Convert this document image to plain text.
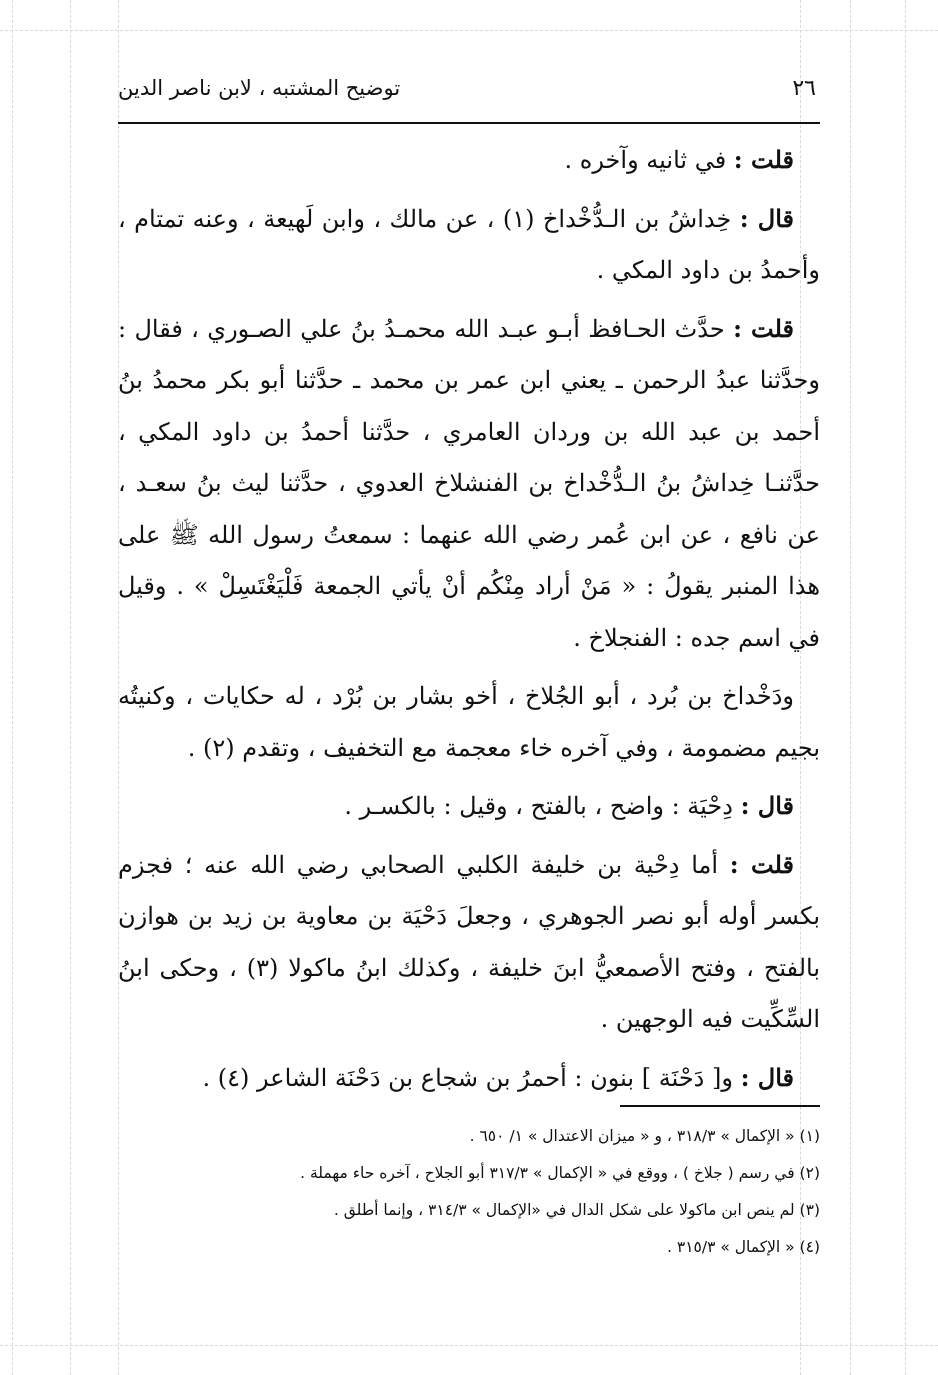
٢٦
توضيح المشتبه ، لابن ناصر الدين

قلت : في ثانيه وآخره .

قال : خِداشُ بن الـدُّخْداخ (١) ، عن مالك ، وابن لَهيعة ، وعنه تمتام ، وأحمدُ بن داود المكي .

قلت : حدَّث الحـافظ أبـو عبـد الله محمـدُ بنُ علي الصـوري ، فقال : وحدَّثنا عبدُ الرحمن ـ يعني ابن عمر بن محمد ـ حدَّثنا أبو بكر محمدُ بنُ أحمد بن عبد الله بن وردان العامري ، حدَّثنا أحمدُ بن داود المكي ، حدَّثنـا خِداشُ بنُ الـدُّخْداخ بن الفنشلاخ العدوي ، حدَّثنا ليث بنُ سعـد ، عن نافع ، عن ابن عُمر رضي الله عنهما : سمعتُ رسول الله ﷺ على هذا المنبر يقولُ : « مَنْ أراد مِنْكُم أنْ يأتي الجمعة فَلْيَغْتَسِلْ » . وقيل في اسم جده : الفنجلاخ .

ودَخْداخ بن بُرد ، أبو الجُلاخ ، أخو بشار بن بُرْد ، له حكايات ، وكنيتُه بجيم مضمومة ، وفي آخره خاء معجمة مع التخفيف ، وتقدم (٢) .

قال : دِحْيَة : واضح ، بالفتح ، وقيل : بالكسـر .

قلت : أما دِحْية بن خليفة الكلبي الصحابي رضي الله عنه ؛ فجزم بكسر أوله أبو نصر الجوهري ، وجعلَ دَحْيَة بن معاوية بن زيد بن هوازن بالفتح ، وفتح الأصمعيُّ ابنَ خليفة ، وكذلك ابنُ ماكولا (٣) ، وحكى ابنُ السِّكِّيت فيه الوجهين .

قال : و[ دَحْنَة ] بنون : أحمرُ بن شجاع بن دَحْنَة الشاعر (٤) .

(١) « الإكمال » ٣١٨/٣ ، و « ميزان الاعتدال » ١/ ٦٥٠ .

(٢) في رسم ( جلاخ ) ، ووقع في « الإكمال » ٣١٧/٣ أبو الجلاح ، آخره حاء مهملة .

(٣) لم ينص ابن ماكولا على شكل الدال في «الإكمال » ٣١٤/٣ ، وإنما أطلق .

(٤) « الإكمال » ٣١٥/٣ .
